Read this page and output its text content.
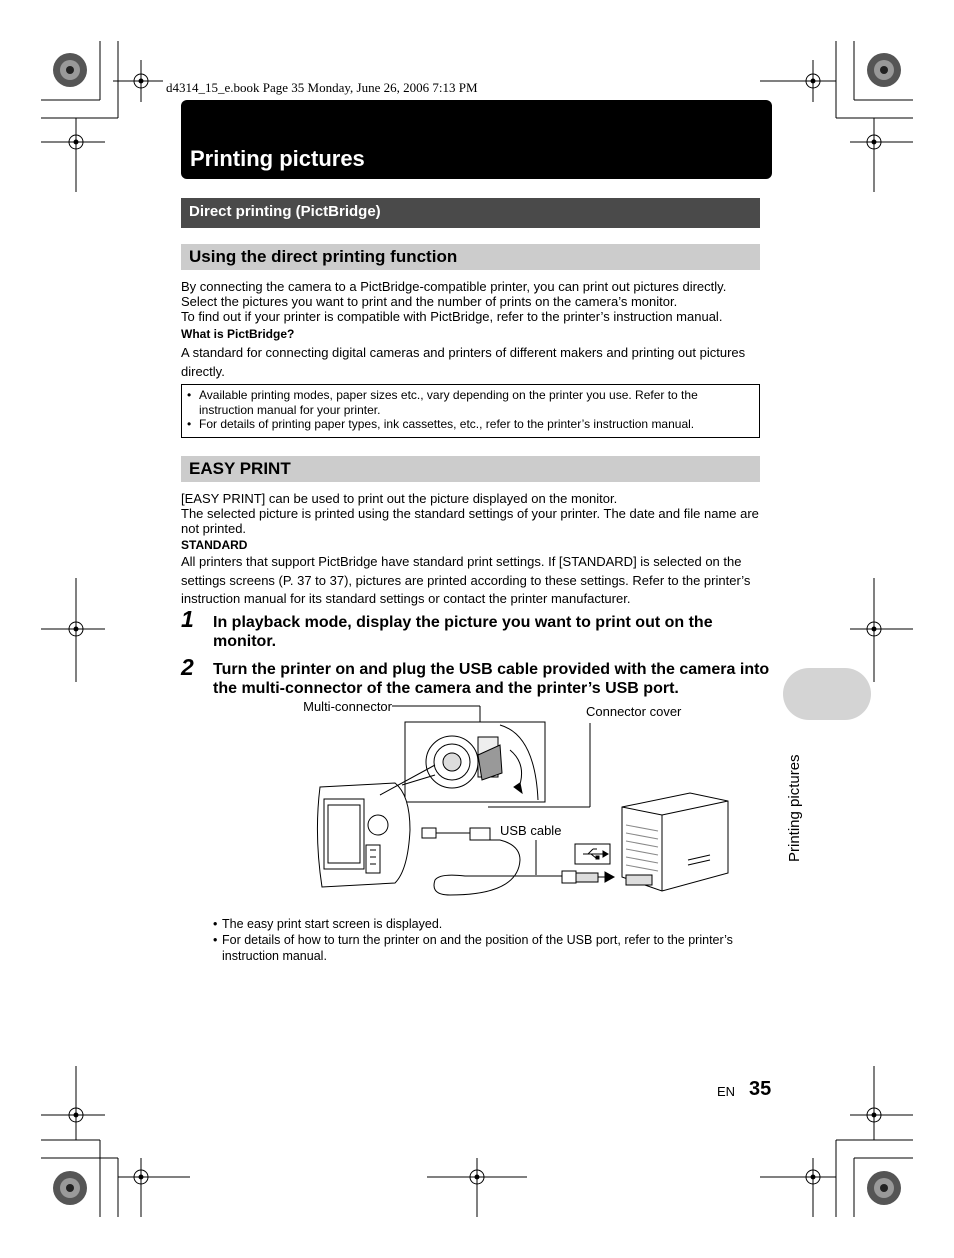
d4314_15_e.book Page 35 Monday, June 26, 2006 7:13 PM
Printing pictures
Direct printing (PictBridge)
Using the direct printing function

By connecting the camera to a PictBridge-compatible printer, you can print out pictures directly.

Select the pictures you want to print and the number of prints on the camera’s monitor.

To find out if your printer is compatible with PictBridge, refer to the printer’s instruction manual.

What is PictBridge?

A standard for connecting digital cameras and printers of different makers and printing out pictures directly.

• Available printing modes, paper sizes etc., vary depending on the printer you use. Refer to the instruction manual for your printer.
• For details of printing paper types, ink cassettes, etc., refer to the printer’s instruction manual.
EASY PRINT

[EASY PRINT] can be used to print out the picture displayed on the monitor.

The selected picture is printed using the standard settings of your printer. The date and file name are not printed.

STANDARD

All printers that support PictBridge have standard print settings. If [STANDARD] is selected on the settings screens (P. 37 to 37), pictures are printed according to these settings. Refer to the printer’s instruction manual for its standard settings or contact the printer manufacturer.

1 In playback mode, display the picture you want to print out on the monitor.
2 Turn the printer on and plug the USB cable provided with the camera into the multi-connector of the camera and the printer’s USB port.
Multi-connector	Connector cover
USB cable
• The easy print start screen is displayed.
• For details of how to turn the printer on and the position of the USB port, refer to the printer’s instruction manual.
Printing pictures
EN 35
